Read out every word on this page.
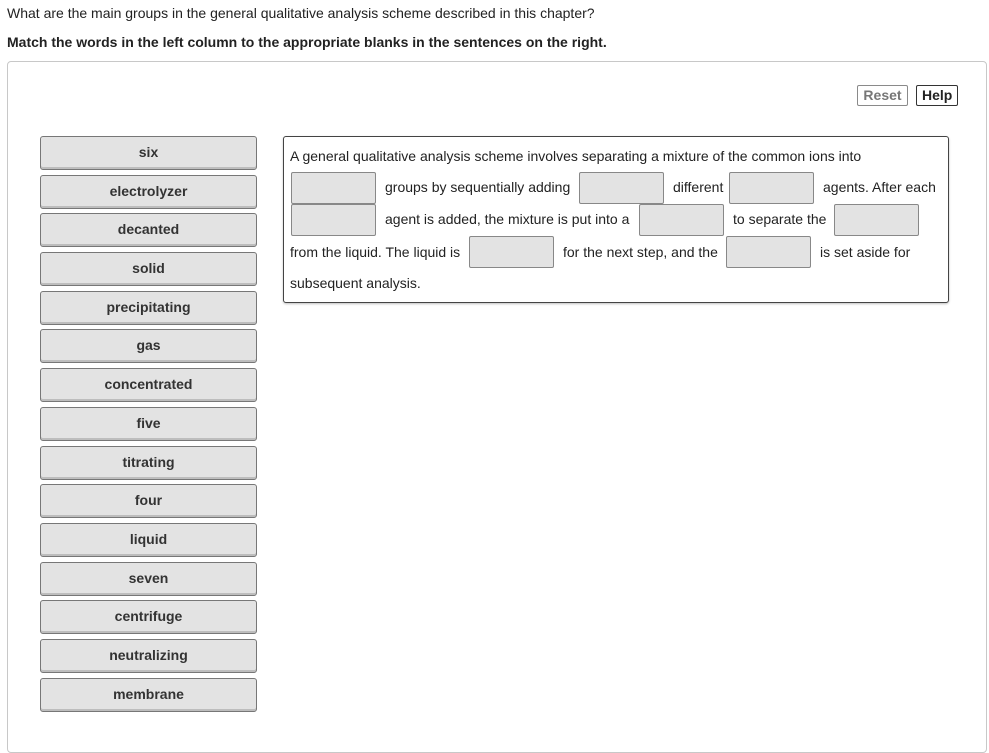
What are the main groups in the general qualitative analysis scheme described in this chapter?
Match the words in the left column to the appropriate blanks in the sentences on the right.
Reset	Help
six
electrolyzer
decanted
solid
precipitating
gas
concentrated
five
titrating
four
liquid
seven
centrifuge
neutralizing
membrane
A general qualitative analysis scheme involves separating a mixture of the common ions into
groups by sequentially adding	different	agents. After each
agent is added, the mixture is put into a	to separate the
from the liquid. The liquid is	for the next step, and the	is set aside for
subsequent analysis.
